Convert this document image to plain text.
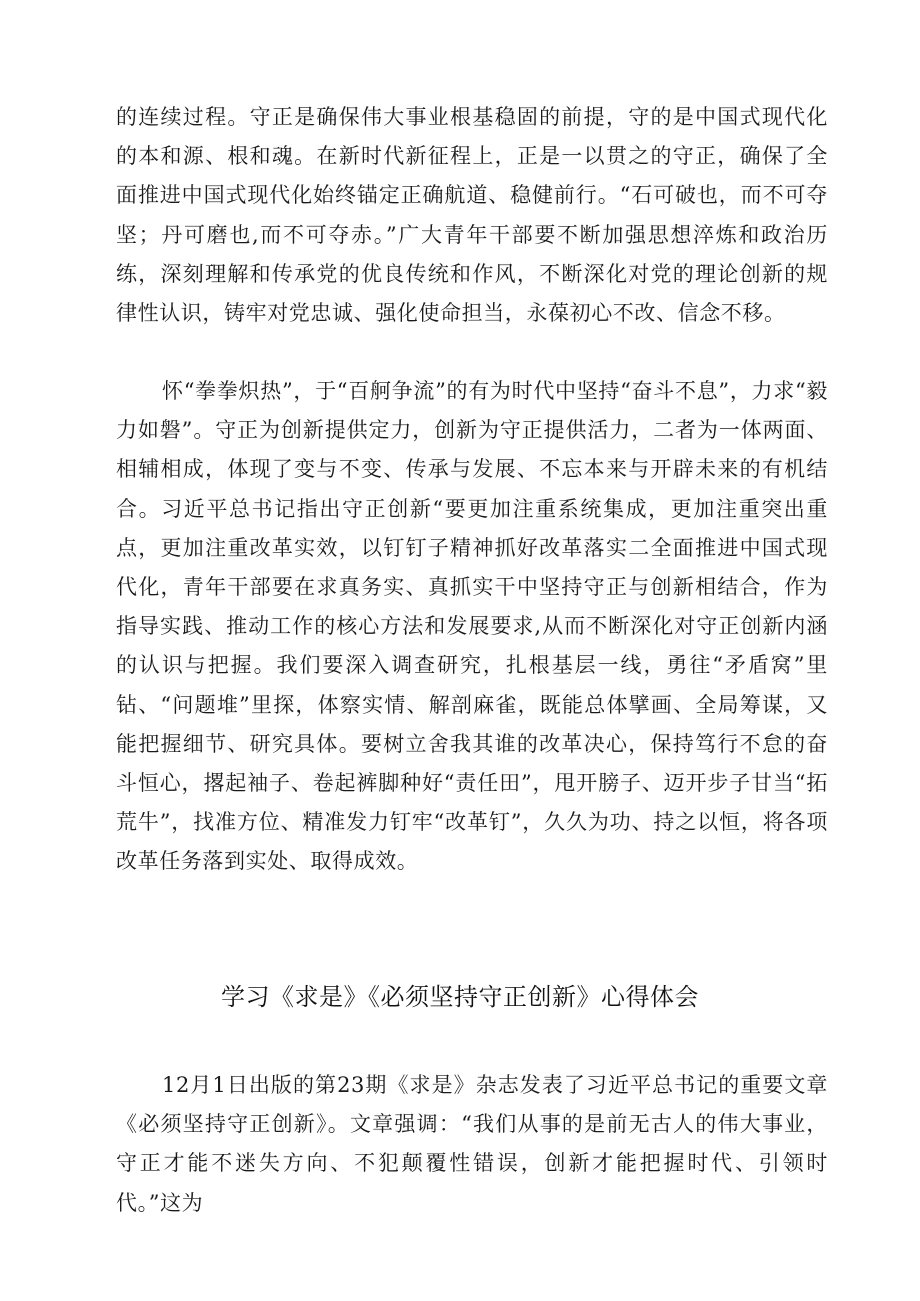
的连续过程。守正是确保伟大事业根基稳固的前提，守的是中国式现代化的本和源、根和魂。在新时代新征程上，正是一以贯之的守正，确保了全面推进中国式现代化始终锚定正确航道、稳健前行。“石可破也，而不可夺坚；丹可磨也,而不可夺赤。”广大青年干部要不断加强思想淬炼和政治历练，深刻理解和传承党的优良传统和作风，不断深化对党的理论创新的规律性认识，铸牢对党忠诚、强化使命担当，永葆初心不改、信念不移。

怀“拳拳炽热”，于“百舸争流”的有为时代中坚持“奋斗不息”，力求“毅力如磐”。守正为创新提供定力，创新为守正提供活力，二者为一体两面、相辅相成，体现了变与不变、传承与发展、不忘本来与开辟未来的有机结合。习近平总书记指出守正创新“要更加注重系统集成，更加注重突出重点，更加注重改革实效，以钉钉子精神抓好改革落实二全面推进中国式现代化，青年干部要在求真务实、真抓实干中坚持守正与创新相结合，作为指导实践、推动工作的核心方法和发展要求,从而不断深化对守正创新内涵的认识与把握。我们要深入调查研究，扎根基层一线，勇往“矛盾窝”里钻、“问题堆”里探，体察实情、解剖麻雀，既能总体擘画、全局筹谋，又能把握细节、研究具体。要树立舍我其谁的改革决心，保持笃行不怠的奋斗恒心，撂起袖子、卷起裤脚种好“责任田”，甩开膀子、迈开步子甘当“拓荒牛”，找准方位、精准发力钉牢“改革钉”，久久为功、持之以恒，将各项改革任务落到实处、取得成效。

学习《求是》《必须坚持守正创新》心得体会

12月1日出版的第23期《求是》杂志发表了习近平总书记的重要文章《必须坚持守正创新》。文章强调：“我们从事的是前无古人的伟大事业，守正才能不迷失方向、不犯颠覆性错误，创新才能把握时代、引领时代。”这为
